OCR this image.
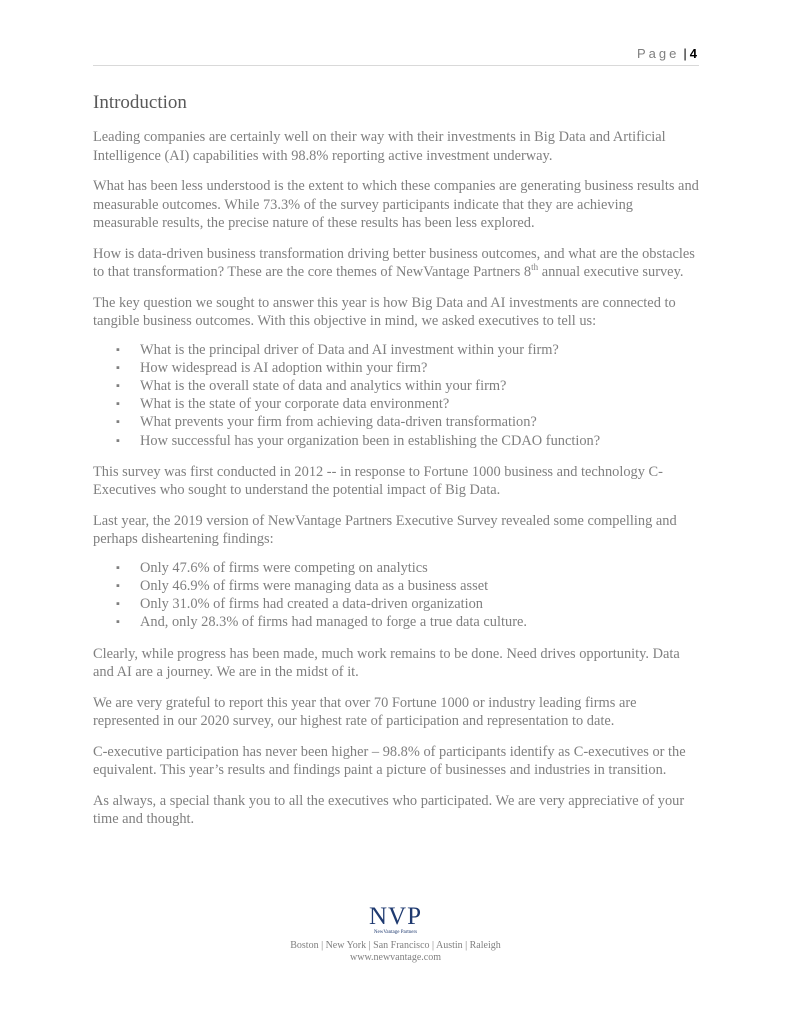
Page | 4
Introduction

Leading companies are certainly well on their way with their investments in Big Data and Artificial Intelligence (AI) capabilities with 98.8% reporting active investment underway.

What has been less understood is the extent to which these companies are generating business results and measurable outcomes. While 73.3% of the survey participants indicate that they are achieving measurable results, the precise nature of these results has been less explored.

How is data-driven business transformation driving better business outcomes, and what are the obstacles to that transformation? These are the core themes of NewVantage Partners 8th annual executive survey.

The key question we sought to answer this year is how Big Data and AI investments are connected to tangible business outcomes. With this objective in mind, we asked executives to tell us:

▪ What is the principal driver of Data and AI investment within your firm?
▪ How widespread is AI adoption within your firm?
▪ What is the overall state of data and analytics within your firm?
▪ What is the state of your corporate data environment?
▪ What prevents your firm from achieving data-driven transformation?
▪ How successful has your organization been in establishing the CDAO function?

This survey was first conducted in 2012 -- in response to Fortune 1000 business and technology C-Executives who sought to understand the potential impact of Big Data.

Last year, the 2019 version of NewVantage Partners Executive Survey revealed some compelling and perhaps disheartening findings:

▪ Only 47.6% of firms were competing on analytics
▪ Only 46.9% of firms were managing data as a business asset
▪ Only 31.0% of firms had created a data-driven organization
▪ And, only 28.3% of firms had managed to forge a true data culture.

Clearly, while progress has been made, much work remains to be done. Need drives opportunity. Data and AI are a journey. We are in the midst of it.

We are very grateful to report this year that over 70 Fortune 1000 or industry leading firms are represented in our 2020 survey, our highest rate of participation and representation to date.

C-executive participation has never been higher – 98.8% of participants identify as C-executives or the equivalent. This year’s results and findings paint a picture of businesses and industries in transition.

As always, a special thank you to all the executives who participated. We are very appreciative of your time and thought.

NVP
NewVantage Partners
Boston | New York | San Francisco | Austin | Raleigh
www.newvantage.com
